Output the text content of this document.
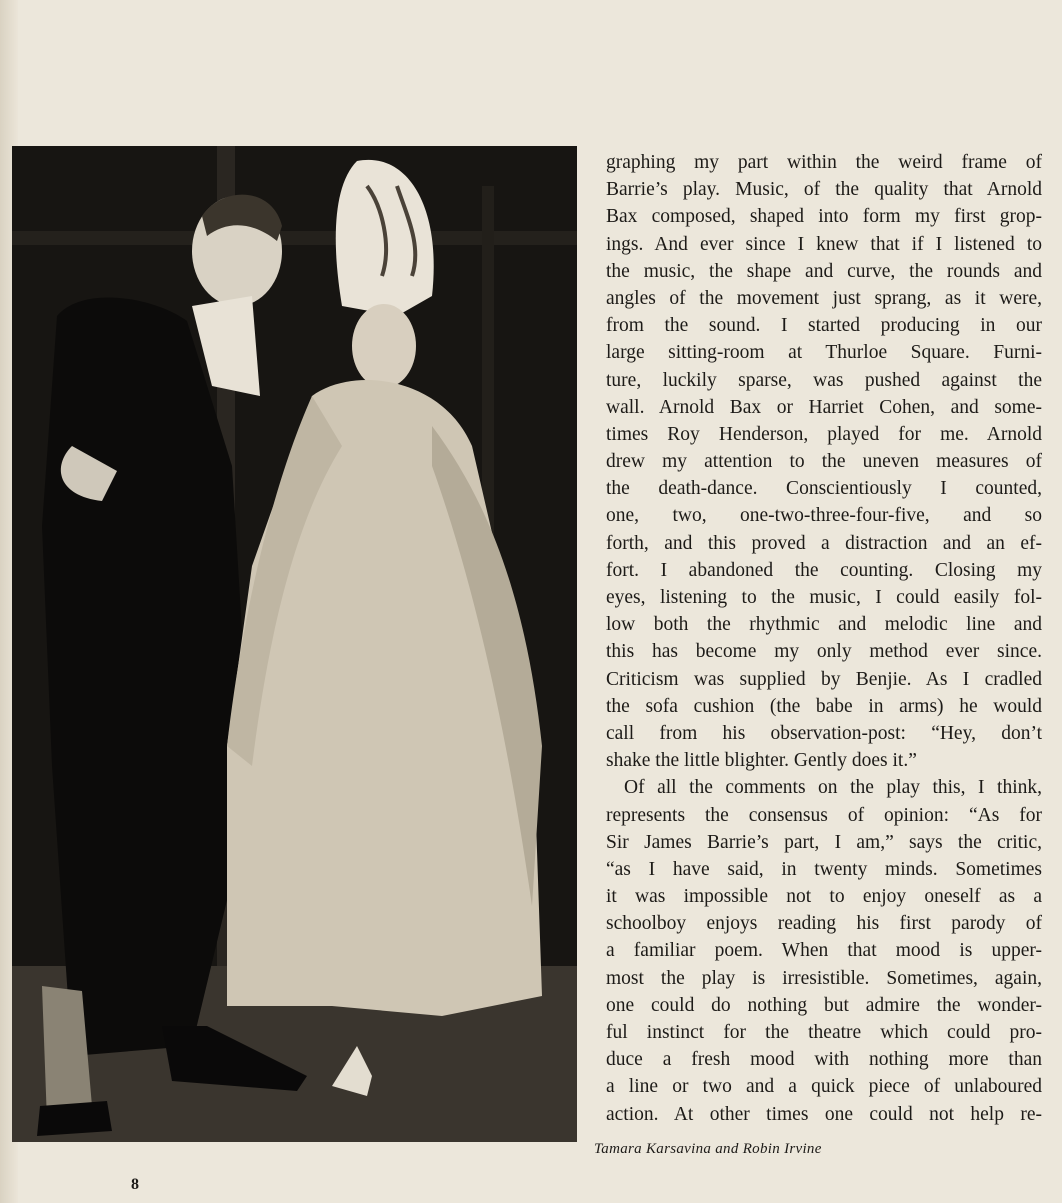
Tamara Karsavina and Robin Irvine
graphing my part within the weird frame of
Barrie’s play. Music, of the quality that Arnold
Bax composed, shaped into form my first grop-
ings. And ever since I knew that if I listened to
the music, the shape and curve, the rounds and
angles of the movement just sprang, as it were,
from the sound. I started producing in our
large sitting-room at Thurloe Square. Furni-
ture, luckily sparse, was pushed against the
wall. Arnold Bax or Harriet Cohen, and some-
times Roy Henderson, played for me. Arnold
drew my attention to the uneven measures of
the death-dance. Conscientiously I counted,
one, two, one-two-three-four-five, and so
forth, and this proved a distraction and an ef-
fort. I abandoned the counting. Closing my
eyes, listening to the music, I could easily fol-
low both the rhythmic and melodic line and
this has become my only method ever since.
Criticism was supplied by Benjie. As I cradled
the sofa cushion (the babe in arms) he would
call from his observation-post: “Hey, don’t
shake the little blighter. Gently does it.”
Of all the comments on the play this, I think,
represents the consensus of opinion: “As for
Sir James Barrie’s part, I am,” says the critic,
“as I have said, in twenty minds. Sometimes
it was impossible not to enjoy oneself as a
schoolboy enjoys reading his first parody of
a familiar poem. When that mood is upper-
most the play is irresistible. Sometimes, again,
one could do nothing but admire the wonder-
ful instinct for the theatre which could pro-
duce a fresh mood with nothing more than
a line or two and a quick piece of unlaboured
action. At other times one could not help re-
8
